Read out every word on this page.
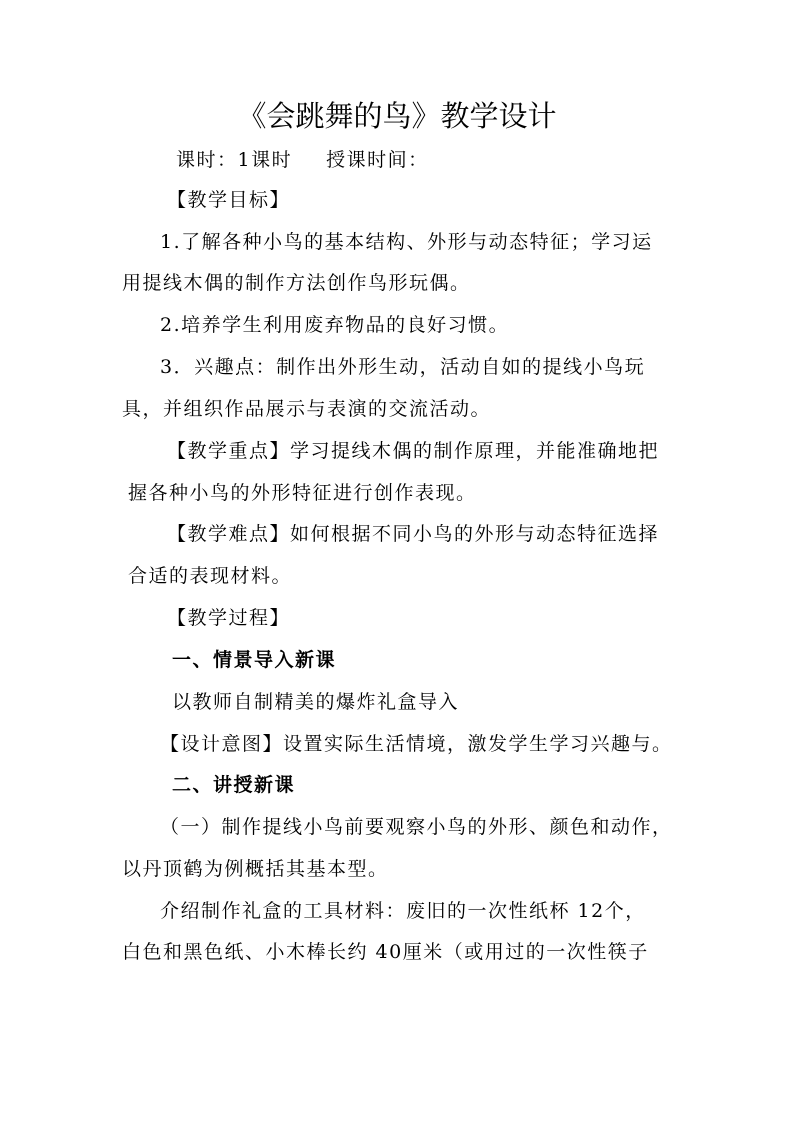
《会跳舞的鸟》教学设计
课时：1课时 授课时间：
【教学目标】
1.了解各种小鸟的基本结构、外形与动态特征；学习运
用提线木偶的制作方法创作鸟形玩偶。
2.培养学生利用废弃物品的良好习惯。
3．兴趣点：制作出外形生动，活动自如的提线小鸟玩
具，并组织作品展示与表演的交流活动。
【教学重点】学习提线木偶的制作原理，并能准确地把
握各种小鸟的外形特征进行创作表现。
【教学难点】如何根据不同小鸟的外形与动态特征选择
合适的表现材料。
【教学过程】
一、情景导入新课
以教师自制精美的爆炸礼盒导入
【设计意图】设置实际生活情境，激发学生学习兴趣与。
二、讲授新课
（一）制作提线小鸟前要观察小鸟的外形、颜色和动作，
以丹顶鹤为例概括其基本型。
介绍制作礼盒的工具材料：废旧的一次性纸杯 12个，
白色和黑色纸、小木棒长约 40厘米（或用过的一次性筷子
